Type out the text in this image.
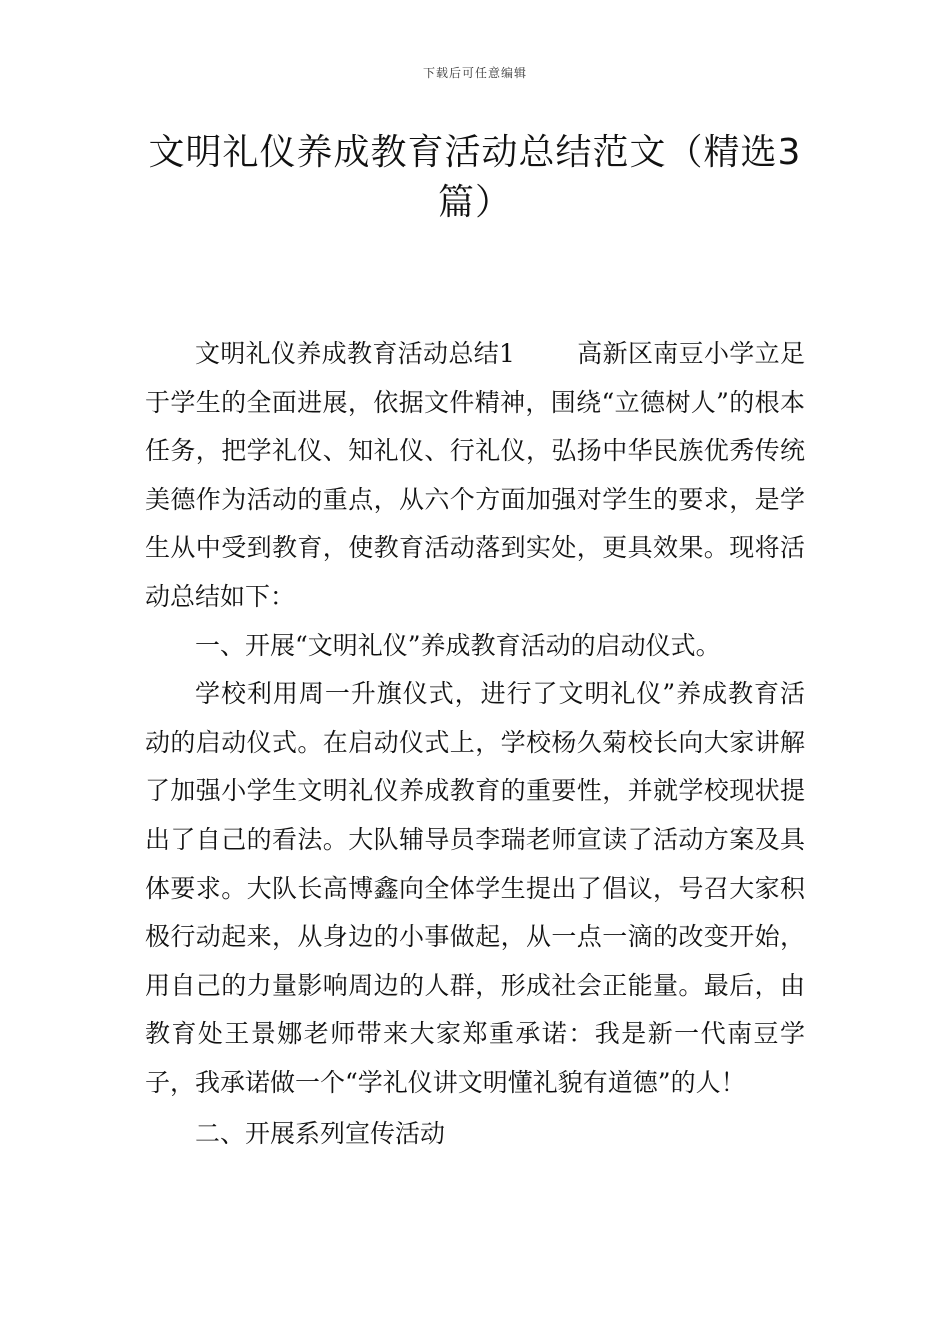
下载后可任意编辑
文明礼仪养成教育活动总结范文（精选3篇）

文明礼仪养成教育活动总结1 高新区南豆小学立足于学生的全面进展，依据文件精神，围绕“立德树人”的根本任务，把学礼仪、知礼仪、行礼仪，弘扬中华民族优秀传统美德作为活动的重点，从六个方面加强对学生的要求，是学生从中受到教育，使教育活动落到实处，更具效果。现将活动总结如下：

一、开展“文明礼仪”养成教育活动的启动仪式。

学校利用周一升旗仪式，进行了文明礼仪”养成教育活动的启动仪式。在启动仪式上，学校杨久菊校长向大家讲解了加强小学生文明礼仪养成教育的重要性，并就学校现状提出了自己的看法。大队辅导员李瑞老师宣读了活动方案及具体要求。大队长高博鑫向全体学生提出了倡议，号召大家积极行动起来，从身边的小事做起，从一点一滴的改变开始，用自己的力量影响周边的人群，形成社会正能量。最后，由教育处王景娜老师带来大家郑重承诺：我是新一代南豆学子，我承诺做一个“学礼仪讲文明懂礼貌有道德”的人！

二、开展系列宣传活动
